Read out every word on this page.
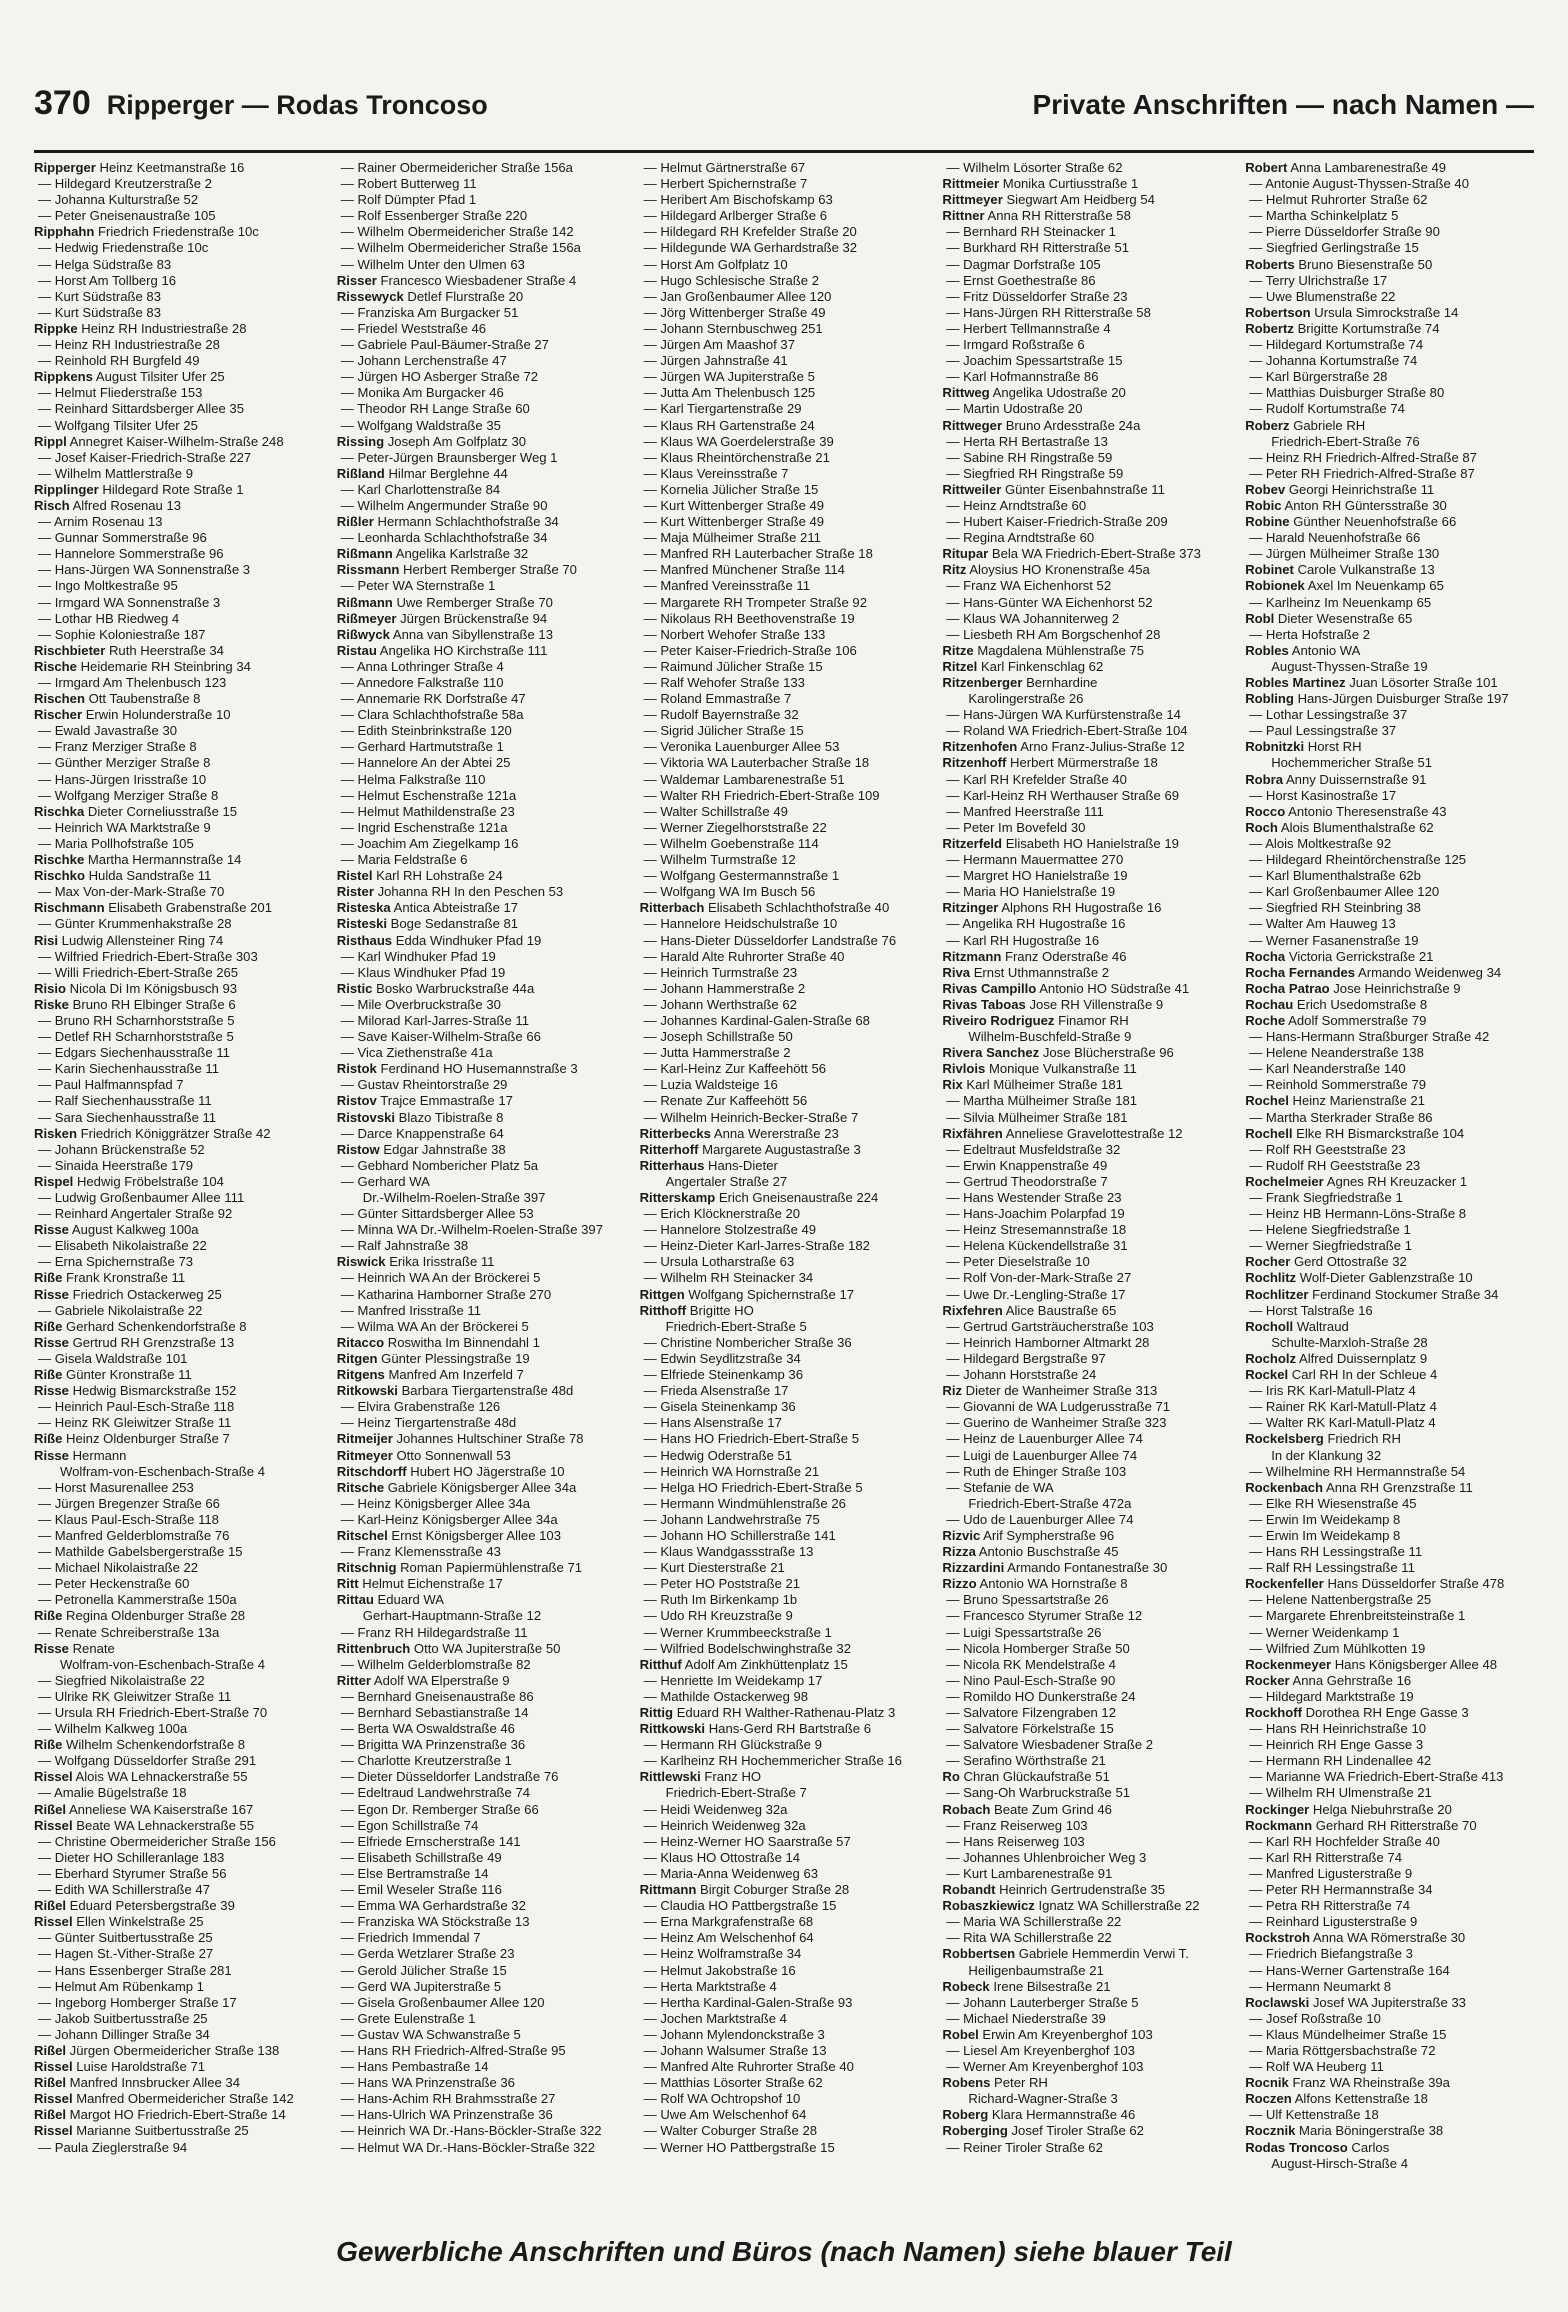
370 Ripperger — Rodas Troncoso	Private Anschriften — nach Namen —
Ripperger Heinz Keetmanstraße 16
— Hildegard Kreutzerstraße 2
— Johanna Kulturstraße 52
— Peter Gneisenaustraße 105
Ripphahn Friedrich Friedenstraße 10c
— Hedwig Friedenstraße 10c
— Helga Südstraße 83
— Horst Am Tollberg 16
— Kurt Südstraße 83
— Kurt Südstraße 83
Rippke Heinz RH Industriestraße 28
— Heinz RH Industriestraße 28
— Reinhold RH Burgfeld 49
Rippkens August Tilsiter Ufer 25
— Helmut Fliederstraße 153
— Reinhard Sittardsberger Allee 35
— Wolfgang Tilsiter Ufer 25
Rippl Annegret Kaiser-Wilhelm-Straße 248
— Josef Kaiser-Friedrich-Straße 227
— Wilhelm Mattlerstraße 9
Ripplinger Hildegard Rote Straße 1
Risch Alfred Rosenau 13
— Arnim Rosenau 13
— Gunnar Sommerstraße 96
— Hannelore Sommerstraße 96
— Hans-Jürgen WA Sonnenstraße 3
— Ingo Moltkestraße 95
— Irmgard WA Sonnenstraße 3
— Lothar HB Riedweg 4
— Sophie Koloniestraße 187
Rischbieter Ruth Heerstraße 34
Rische Heidemarie RH Steinbring 34
— Irmgard Am Thelenbusch 123
Rischen Ott Taubenstraße 8
Rischer Erwin Holunderstraße 10
— Ewald Javastraße 30
— Franz Merziger Straße 8
— Günther Merziger Straße 8
— Hans-Jürgen Irisstraße 10
— Wolfgang Merziger Straße 8
Rischka Dieter Corneliusstraße 15
— Heinrich WA Marktstraße 9
— Maria Pollhofstraße 105
Rischke Martha Hermannstraße 14
Rischko Hulda Sandstraße 11
— Max Von-der-Mark-Straße 70
Rischmann Elisabeth Grabenstraße 201
— Günter Krummenhakstraße 28
Risi Ludwig Allensteiner Ring 74
— Wilfried Friedrich-Ebert-Straße 303
— Willi Friedrich-Ebert-Straße 265
Risio Nicola Di Im Königsbusch 93
Riske Bruno RH Elbinger Straße 6
— Bruno RH Scharnhorststraße 5
— Detlef RH Scharnhorststraße 5
— Edgars Siechenhausstraße 11
— Karin Siechenhausstraße 11
— Paul Halfmannspfad 7
— Ralf Siechenhausstraße 11
— Sara Siechenhausstraße 11
Risken Friedrich Königgrätzer Straße 42
— Johann Brückenstraße 52
— Sinaida Heerstraße 179
Rispel Hedwig Fröbelstraße 104
— Ludwig Großenbaumer Allee 111
— Reinhard Angertaler Straße 92
Risse August Kalkweg 100a
— Elisabeth Nikolaistraße 22
— Erna Spichernstraße 73
Riße Frank Kronstraße 11
Risse Friedrich Ostackerweg 25
— Gabriele Nikolaistraße 22
Riße Gerhard Schenkendorfstraße 8
Risse Gertrud RH Grenzstraße 13
— Gisela Waldstraße 101
Riße Günter Kronstraße 11
Risse Hedwig Bismarckstraße 152
— Heinrich Paul-Esch-Straße 118
— Heinz RK Gleiwitzer Straße 11
Riße Heinz Oldenburger Straße 7
Risse Hermann
Wolfram-von-Eschenbach-Straße 4
— Horst Masurenallee 253
— Jürgen Bregenzer Straße 66
— Klaus Paul-Esch-Straße 118
— Manfred Gelderblomstraße 76
— Mathilde Gabelsbergerstraße 15
— Michael Nikolaistraße 22
— Peter Heckenstraße 60
— Petronella Kammerstraße 150a
Riße Regina Oldenburger Straße 28
— Renate Schreiberstraße 13a
Risse Renate
Wolfram-von-Eschenbach-Straße 4
— Siegfried Nikolaistraße 22
— Ulrike RK Gleiwitzer Straße 11
— Ursula RH Friedrich-Ebert-Straße 70
— Wilhelm Kalkweg 100a
Riße Wilhelm Schenkendorfstraße 8
— Wolfgang Düsseldorfer Straße 291
Rissel Alois WA Lehnackerstraße 55
— Amalie Bügelstraße 18
Rißel Anneliese WA Kaiserstraße 167
Rissel Beate WA Lehnackerstraße 55
— Christine Obermeidericher Straße 156
— Dieter HO Schilleranlage 183
— Eberhard Styrumer Straße 56
— Edith WA Schillerstraße 47
Rißel Eduard Petersbergstraße 39
Rissel Ellen Winkelstraße 25
— Günter Suitbertusstraße 25
— Hagen St.-Vither-Straße 27
— Hans Essenberger Straße 281
— Helmut Am Rübenkamp 1
— Ingeborg Homberger Straße 17
— Jakob Suitbertusstraße 25
— Johann Dillinger Straße 34
Rißel Jürgen Obermeidericher Straße 138
Rissel Luise Haroldstraße 71
Rißel Manfred Innsbrucker Allee 34
Rissel Manfred Obermeidericher Straße 142
Rißel Margot HO Friedrich-Ebert-Straße 14
Rissel Marianne Suitbertusstraße 25
— Paula Zieglerstraße 94
— Rainer Obermeidericher Straße 156a
— Robert Butterweg 11
— Rolf Dümpter Pfad 1
— Rolf Essenberger Straße 220
— Wilhelm Obermeidericher Straße 142
— Wilhelm Obermeidericher Straße 156a
— Wilhelm Unter den Ulmen 63
Risser Francesco Wiesbadener Straße 4
Rissewyck Detlef Flurstraße 20
— Franziska Am Burgacker 51
— Friedel Weststraße 46
— Gabriele Paul-Bäumer-Straße 27
— Johann Lerchenstraße 47
— Jürgen HO Asberger Straße 72
— Monika Am Burgacker 46
— Theodor RH Lange Straße 60
— Wolfgang Waldstraße 35
Rissing Joseph Am Golfplatz 30
— Peter-Jürgen Braunsberger Weg 1
Rißland Hilmar Berglehne 44
— Karl Charlottenstraße 84
— Wilhelm Angermunder Straße 90
Rißler Hermann Schlachthofstraße 34
— Leonharda Schlachthofstraße 34
Rißmann Angelika Karlstraße 32
Rissmann Herbert Remberger Straße 70
— Peter WA Sternstraße 1
Rißmann Uwe Remberger Straße 70
Rißmeyer Jürgen Brückenstraße 94
Rißwyck Anna van Sibyllenstraße 13
Ristau Angelika HO Kirchstraße 111
— Anna Lothringer Straße 4
— Annedore Falkstraße 110
— Annemarie RK Dorfstraße 47
— Clara Schlachthofstraße 58a
— Edith Steinbrinkstraße 120
— Gerhard Hartmutstraße 1
— Hannelore An der Abtei 25
— Helma Falkstraße 110
— Helmut Eschenstraße 121a
— Helmut Mathildenstraße 23
— Ingrid Eschenstraße 121a
— Joachim Am Ziegelkamp 16
— Maria Feldstraße 6
Ristel Karl RH Lohstraße 24
Rister Johanna RH In den Peschen 53
Risteska Antica Abteistraße 17
Risteski Boge Sedanstraße 81
Risthaus Edda Windhuker Pfad 19
— Karl Windhuker Pfad 19
— Klaus Windhuker Pfad 19
Ristic Bosko Warbruckstraße 44a
— Mile Overbruckstraße 30
— Milorad Karl-Jarres-Straße 11
— Save Kaiser-Wilhelm-Straße 66
— Vica Ziethenstraße 41a
Ristok Ferdinand HO Husemannstraße 3
— Gustav Rheintorstraße 29
Ristov Trajce Emmastraße 17
Ristovski Blazo Tibistraße 8
— Darce Knappenstraße 64
Ristow Edgar Jahnstraße 38
— Gebhard Nombericher Platz 5a
— Gerhard WA
Dr.-Wilhelm-Roelen-Straße 397
— Günter Sittardsberger Allee 53
— Minna WA Dr.-Wilhelm-Roelen-Straße 397
— Ralf Jahnstraße 38
Riswick Erika Irisstraße 11
— Heinrich WA An der Bröckerei 5
— Katharina Hamborner Straße 270
— Manfred Irisstraße 11
— Wilma WA An der Bröckerei 5
Ritacco Roswitha Im Binnendahl 1
Ritgen Günter Plessingstraße 19
Ritgens Manfred Am Inzerfeld 7
Ritkowski Barbara Tiergartenstraße 48d
— Elvira Grabenstraße 126
— Heinz Tiergartenstraße 48d
Ritmeijer Johannes Hultschiner Straße 78
Ritmeyer Otto Sonnenwall 53
Ritschdorff Hubert HO Jägerstraße 10
Ritsche Gabriele Königsberger Allee 34a
— Heinz Königsberger Allee 34a
— Karl-Heinz Königsberger Allee 34a
Ritschel Ernst Königsberger Allee 103
— Franz Klemensstraße 43
Ritschnig Roman Papiermühlenstraße 71
Ritt Helmut Eichenstraße 17
Rittau Eduard WA
Gerhart-Hauptmann-Straße 12
— Franz RH Hildegardstraße 11
Rittenbruch Otto WA Jupiterstraße 50
— Wilhelm Gelderblomstraße 82
Ritter Adolf WA Elperstraße 9
— Bernhard Gneisenaustraße 86
— Bernhard Sebastianstraße 14
— Berta WA Oswaldstraße 46
— Brigitta WA Prinzenstraße 36
— Charlotte Kreutzerstraße 1
— Dieter Düsseldorfer Landstraße 76
— Edeltraud Landwehrstraße 74
— Egon Dr. Remberger Straße 66
— Egon Schillstraße 74
— Elfriede Ernscherstraße 141
— Elisabeth Schillstraße 49
— Else Bertramstraße 14
— Emil Weseler Straße 116
— Emma WA Gerhardstraße 32
— Franziska WA Stöckstraße 13
— Friedrich Immendal 7
— Gerda Wetzlarer Straße 23
— Gerold Jülicher Straße 15
— Gerd WA Jupiterstraße 5
— Gisela Großenbaumer Allee 120
— Grete Eulenstraße 1
— Gustav WA Schwanstraße 5
— Hans RH Friedrich-Alfred-Straße 95
— Hans Pembastraße 14
— Hans WA Prinzenstraße 36
— Hans-Achim RH Brahmsstraße 27
— Hans-Ulrich WA Prinzenstraße 36
— Heinrich WA Dr.-Hans-Böckler-Straße 322
— Helmut WA Dr.-Hans-Böckler-Straße 322
— Helmut Gärtnerstraße 67
— Herbert Spichernstraße 7
— Heribert Am Bischofskamp 63
— Hildegard Arlberger Straße 6
— Hildegard RH Krefelder Straße 20
— Hildegunde WA Gerhardstraße 32
— Horst Am Golfplatz 10
— Hugo Schlesische Straße 2
— Jan Großenbaumer Allee 120
— Jörg Wittenberger Straße 49
— Johann Sternbuschweg 251
— Jürgen Am Maashof 37
— Jürgen Jahnstraße 41
— Jürgen WA Jupiterstraße 5
— Jutta Am Thelenbusch 125
— Karl Tiergartenstraße 29
— Klaus RH Gartenstraße 24
— Klaus WA Goerdelerstraße 39
— Klaus Rheintörchenstraße 21
— Klaus Vereinsstraße 7
— Kornelia Jülicher Straße 15
— Kurt Wittenberger Straße 49
— Kurt Wittenberger Straße 49
— Maja Mülheimer Straße 211
— Manfred RH Lauterbacher Straße 18
— Manfred Münchener Straße 114
— Manfred Vereinsstraße 11
— Margarete RH Trompeter Straße 92
— Nikolaus RH Beethovenstraße 19
— Norbert Wehofer Straße 133
— Peter Kaiser-Friedrich-Straße 106
— Raimund Jülicher Straße 15
— Ralf Wehofer Straße 133
— Roland Emmastraße 7
— Rudolf Bayernstraße 32
— Sigrid Jülicher Straße 15
— Veronika Lauenburger Allee 53
— Viktoria WA Lauterbacher Straße 18
— Waldemar Lambarenestraße 51
— Walter RH Friedrich-Ebert-Straße 109
— Walter Schillstraße 49
— Werner Ziegelhorststraße 22
— Wilhelm Goebenstraße 114
— Wilhelm Turmstraße 12
— Wolfgang Gestermannstraße 1
— Wolfgang WA Im Busch 56
Ritterbach Elisabeth Schlachthofstraße 40
— Hannelore Heidschulstraße 10
— Hans-Dieter Düsseldorfer Landstraße 76
— Harald Alte Ruhrorter Straße 40
— Heinrich Turmstraße 23
— Johann Hammerstraße 2
— Johann Werthstraße 62
— Johannes Kardinal-Galen-Straße 68
— Joseph Schillstraße 50
— Jutta Hammerstraße 2
— Karl-Heinz Zur Kaffeehött 56
— Luzia Waldsteige 16
— Renate Zur Kaffeehött 56
— Wilhelm Heinrich-Becker-Straße 7
Ritterbecks Anna Wererstraße 23
Ritterhoff Margarete Augustastraße 3
Ritterhaus Hans-Dieter
Angertaler Straße 27
Ritterskamp Erich Gneisenaustraße 224
— Erich Klöcknerstraße 20
— Hannelore Stolzestraße 49
— Heinz-Dieter Karl-Jarres-Straße 182
— Ursula Lotharstraße 63
— Wilhelm RH Steinacker 34
Rittgen Wolfgang Spichernstraße 17
Ritthoff Brigitte HO
Friedrich-Ebert-Straße 5
— Christine Nombericher Straße 36
— Edwin Seydlitzstraße 34
— Elfriede Steinenkamp 36
— Frieda Alsenstraße 17
— Gisela Steinenkamp 36
— Hans Alsenstraße 17
— Hans HO Friedrich-Ebert-Straße 5
— Hedwig Oderstraße 51
— Heinrich WA Hornstraße 21
— Helga HO Friedrich-Ebert-Straße 5
— Hermann Windmühlenstraße 26
— Johann Landwehrstraße 75
— Johann HO Schillerstraße 141
— Klaus Wandgassstraße 13
— Kurt Diesterstraße 21
— Peter HO Poststraße 21
— Ruth Im Birkenkamp 1b
— Udo RH Kreuzstraße 9
— Werner Krummbeeckstraße 1
— Wilfried Bodelschwinghstraße 32
Ritthuf Adolf Am Zinkhüttenplatz 15
— Henriette Im Weidekamp 17
— Mathilde Ostackerweg 98
Rittig Eduard RH Walther-Rathenau-Platz 3
Rittkowski Hans-Gerd RH Bartstraße 6
— Hermann RH Glückstraße 9
— Karlheinz RH Hochemmericher Straße 16
Rittlewski Franz HO
Friedrich-Ebert-Straße 7
— Heidi Weidenweg 32a
— Heinrich Weidenweg 32a
— Heinz-Werner HO Saarstraße 57
— Klaus HO Ottostraße 14
— Maria-Anna Weidenweg 63
Rittmann Birgit Coburger Straße 28
— Claudia HO Pattbergstraße 15
— Erna Markgrafenstraße 68
— Heinz Am Welschenhof 64
— Heinz Wolframstraße 34
— Helmut Jakobstraße 16
— Herta Marktstraße 4
— Hertha Kardinal-Galen-Straße 93
— Jochen Marktstraße 4
— Johann Mylendonckstraße 3
— Johann Walsumer Straße 13
— Manfred Alte Ruhrorter Straße 40
— Matthias Lösorter Straße 62
— Rolf WA Ochtropshof 10
— Uwe Am Welschenhof 64
— Walter Coburger Straße 28
— Werner HO Pattbergstraße 15
— Wilhelm Lösorter Straße 62
Rittmeier Monika Curtiusstraße 1
Rittmeyer Siegwart Am Heidberg 54
Rittner Anna RH Ritterstraße 58
— Bernhard RH Steinacker 1
— Burkhard RH Ritterstraße 51
— Dagmar Dorfstraße 105
— Ernst Goethestraße 86
— Fritz Düsseldorfer Straße 23
— Hans-Jürgen RH Ritterstraße 58
— Herbert Tellmannstraße 4
— Irmgard Roßstraße 6
— Joachim Spessartstraße 15
— Karl Hofmannstraße 86
Rittweg Angelika Udostraße 20
— Martin Udostraße 20
Rittweger Bruno Ardesstraße 24a
— Herta RH Bertastraße 13
— Sabine RH Ringstraße 59
— Siegfried RH Ringstraße 59
Rittweiler Günter Eisenbahnstraße 11
— Heinz Arndtstraße 60
— Hubert Kaiser-Friedrich-Straße 209
— Regina Arndtstraße 60
Ritupar Bela WA Friedrich-Ebert-Straße 373
Ritz Aloysius HO Kronenstraße 45a
— Franz WA Eichenhorst 52
— Hans-Günter WA Eichenhorst 52
— Klaus WA Johanniterweg 2
— Liesbeth RH Am Borgschenhof 28
Ritze Magdalena Mühlenstraße 75
Ritzel Karl Finkenschlag 62
Ritzenberger Bernhardine
Karolingerstraße 26
— Hans-Jürgen WA Kurfürstenstraße 14
— Roland WA Friedrich-Ebert-Straße 104
Ritzenhofen Arno Franz-Julius-Straße 12
Ritzenhoff Herbert Mürmerstraße 18
— Karl RH Krefelder Straße 40
— Karl-Heinz RH Werthauser Straße 69
— Manfred Heerstraße 111
— Peter Im Bovefeld 30
Ritzerfeld Elisabeth HO Hanielstraße 19
— Hermann Mauermattee 270
— Margret HO Hanielstraße 19
— Maria HO Hanielstraße 19
Ritzinger Alphons RH Hugostraße 16
— Angelika RH Hugostraße 16
— Karl RH Hugostraße 16
Ritzmann Franz Oderstraße 46
Riva Ernst Uthmannstraße 2
Rivas Campillo Antonio HO Südstraße 41
Rivas Taboas Jose RH Villenstraße 9
Riveiro Rodriguez Finamor RH
Wilhelm-Buschfeld-Straße 9
Rivera Sanchez Jose Blücherstraße 96
Rivlois Monique Vulkanstraße 11
Rix Karl Mülheimer Straße 181
— Martha Mülheimer Straße 181
— Silvia Mülheimer Straße 181
Rixfähren Anneliese Gravelottestraße 12
— Edeltraut Musfeldstraße 32
— Erwin Knappenstraße 49
— Gertrud Theodorstraße 7
— Hans Westender Straße 23
— Hans-Joachim Polarpfad 19
— Heinz Stresemannstraße 18
— Helena Kückendellstraße 31
— Peter Dieselstraße 10
— Rolf Von-der-Mark-Straße 27
— Uwe Dr.-Lengling-Straße 17
Rixfehren Alice Baustraße 65
— Gertrud Gartsträucherstraße 103
— Heinrich Hamborner Altmarkt 28
— Hildegard Bergstraße 97
— Johann Horststraße 24
Riz Dieter de Wanheimer Straße 313
— Giovanni de WA Ludgerusstraße 71
— Guerino de Wanheimer Straße 323
— Heinz de Lauenburger Allee 74
— Luigi de Lauenburger Allee 74
— Ruth de Ehinger Straße 103
— Stefanie de WA
Friedrich-Ebert-Straße 472a
— Udo de Lauenburger Allee 74
Rizvic Arif Sympherstraße 96
Rizza Antonio Buschstraße 45
Rizzardini Armando Fontanestraße 30
Rizzo Antonio WA Hornstraße 8
— Bruno Spessartstraße 26
— Francesco Styrumer Straße 12
— Luigi Spessartstraße 26
— Nicola Homberger Straße 50
— Nicola RK Mendelstraße 4
— Nino Paul-Esch-Straße 90
— Romildo HO Dunkerstraße 24
— Salvatore Filzengraben 12
— Salvatore Förkelstraße 15
— Salvatore Wiesbadener Straße 2
— Serafino Wörthstraße 21
Ro Chran Glückaufstraße 51
— Sang-Oh Warbruckstraße 51
Robach Beate Zum Grind 46
— Franz Reiserweg 103
— Hans Reiserweg 103
— Johannes Uhlenbroicher Weg 3
— Kurt Lambarenestraße 91
Robandt Heinrich Gertrudenstraße 35
Robaszkiewicz Ignatz WA Schillerstraße 22
— Maria WA Schillerstraße 22
— Rita WA Schillerstraße 22
Robbertsen Gabriele Hemmerdin Verwi T.
Heiligenbaumstraße 21
Robeck Irene Bilsestraße 21
— Johann Lauterberger Straße 5
— Michael Niederstraße 39
Robel Erwin Am Kreyenberghof 103
— Liesel Am Kreyenberghof 103
— Werner Am Kreyenberghof 103
Robens Peter RH
Richard-Wagner-Straße 3
Roberg Klara Hermannstraße 46
Roberging Josef Tiroler Straße 62
— Reiner Tiroler Straße 62
Robert Anna Lambarenestraße 49
— Antonie August-Thyssen-Straße 40
— Helmut Ruhrorter Straße 62
— Martha Schinkelplatz 5
— Pierre Düsseldorfer Straße 90
— Siegfried Gerlingstraße 15
Roberts Bruno Biesenstraße 50
— Terry Ulrichstraße 17
— Uwe Blumenstraße 22
Robertson Ursula Simrockstraße 14
Robertz Brigitte Kortumstraße 74
— Hildegard Kortumstraße 74
— Johanna Kortumstraße 74
— Karl Bürgerstraße 28
— Matthias Duisburger Straße 80
— Rudolf Kortumstraße 74
Roberz Gabriele RH
Friedrich-Ebert-Straße 76
— Heinz RH Friedrich-Alfred-Straße 87
— Peter RH Friedrich-Alfred-Straße 87
Robev Georgi Heinrichstraße 11
Robic Anton RH Güntersstraße 30
Robine Günther Neuenhofstraße 66
— Harald Neuenhofstraße 66
— Jürgen Mülheimer Straße 130
Robinet Carole Vulkanstraße 13
Robionek Axel Im Neuenkamp 65
— Karlheinz Im Neuenkamp 65
Robl Dieter Wesenstraße 65
— Herta Hofstraße 2
Robles Antonio WA
August-Thyssen-Straße 19
Robles Martinez Juan Lösorter Straße 101
Robling Hans-Jürgen Duisburger Straße 197
— Lothar Lessingstraße 37
— Paul Lessingstraße 37
Robnitzki Horst RH
Hochemmericher Straße 51
Robra Anny Duissernstraße 91
— Horst Kasinostraße 17
Rocco Antonio Theresenstraße 43
Roch Alois Blumenthalstraße 62
— Alois Moltkestraße 92
— Hildegard Rheintörchenstraße 125
— Karl Blumenthalstraße 62b
— Karl Großenbaumer Allee 120
— Siegfried RH Steinbring 38
— Walter Am Hauweg 13
— Werner Fasanenstraße 19
Rocha Victoria Gerrickstraße 21
Rocha Fernandes Armando Weidenweg 34
Rocha Patrao Jose Heinrichstraße 9
Rochau Erich Usedomstraße 8
Roche Adolf Sommerstraße 79
— Hans-Hermann Straßburger Straße 42
— Helene Neanderstraße 138
— Karl Neanderstraße 140
— Reinhold Sommerstraße 79
Rochel Heinz Marienstraße 21
— Martha Sterkrader Straße 86
Rochell Elke RH Bismarckstraße 104
— Rolf RH Geeststraße 23
— Rudolf RH Geeststraße 23
Rochelmeier Agnes RH Kreuzacker 1
— Frank Siegfriedstraße 1
— Heinz HB Hermann-Löns-Straße 8
— Helene Siegfriedstraße 1
— Werner Siegfriedstraße 1
Rocher Gerd Ottostraße 32
Rochlitz Wolf-Dieter Gablenzstraße 10
Rochlitzer Ferdinand Stockumer Straße 34
— Horst Talstraße 16
Rocholl Waltraud
Schulte-Marxloh-Straße 28
Rocholz Alfred Duissernplatz 9
Rockel Carl RH In der Schleue 4
— Iris RK Karl-Matull-Platz 4
— Rainer RK Karl-Matull-Platz 4
— Walter RK Karl-Matull-Platz 4
Rockelsberg Friedrich RH
In der Klankung 32
— Wilhelmine RH Hermannstraße 54
Rockenbach Anna RH Grenzstraße 11
— Elke RH Wiesenstraße 45
— Erwin Im Weidekamp 8
— Erwin Im Weidekamp 8
— Hans RH Lessingstraße 11
— Ralf RH Lessingstraße 11
Rockenfeller Hans Düsseldorfer Straße 478
— Helene Nattenbergstraße 25
— Margarete Ehrenbreitsteinstraße 1
— Werner Weidenkamp 1
— Wilfried Zum Mühlkotten 19
Rockenmeyer Hans Königsberger Allee 48
Rocker Anna Gehrstraße 16
— Hildegard Marktstraße 19
Rockhoff Dorothea RH Enge Gasse 3
— Hans RH Heinrichstraße 10
— Heinrich RH Enge Gasse 3
— Hermann RH Lindenallee 42
— Marianne WA Friedrich-Ebert-Straße 413
— Wilhelm RH Ulmenstraße 21
Rockinger Helga Niebuhrstraße 20
Rockmann Gerhard RH Ritterstraße 70
— Karl RH Hochfelder Straße 40
— Karl RH Ritterstraße 74
— Manfred Ligusterstraße 9
— Peter RH Hermannstraße 34
— Petra RH Ritterstraße 74
— Reinhard Ligusterstraße 9
Rockstroh Anna WA Römerstraße 30
— Friedrich Biefangstraße 3
— Hans-Werner Gartenstraße 164
— Hermann Neumarkt 8
Roclawski Josef WA Jupiterstraße 33
— Josef Roßstraße 10
— Klaus Mündelheimer Straße 15
— Maria Röttgersbachstraße 72
— Rolf WA Heuberg 11
Rocnik Franz WA Rheinstraße 39a
Roczen Alfons Kettenstraße 18
— Ulf Kettenstraße 18
Rocznik Maria Böningerstraße 38
Rodas Troncoso Carlos
August-Hirsch-Straße 4
Gewerbliche Anschriften und Büros (nach Namen) siehe blauer Teil
